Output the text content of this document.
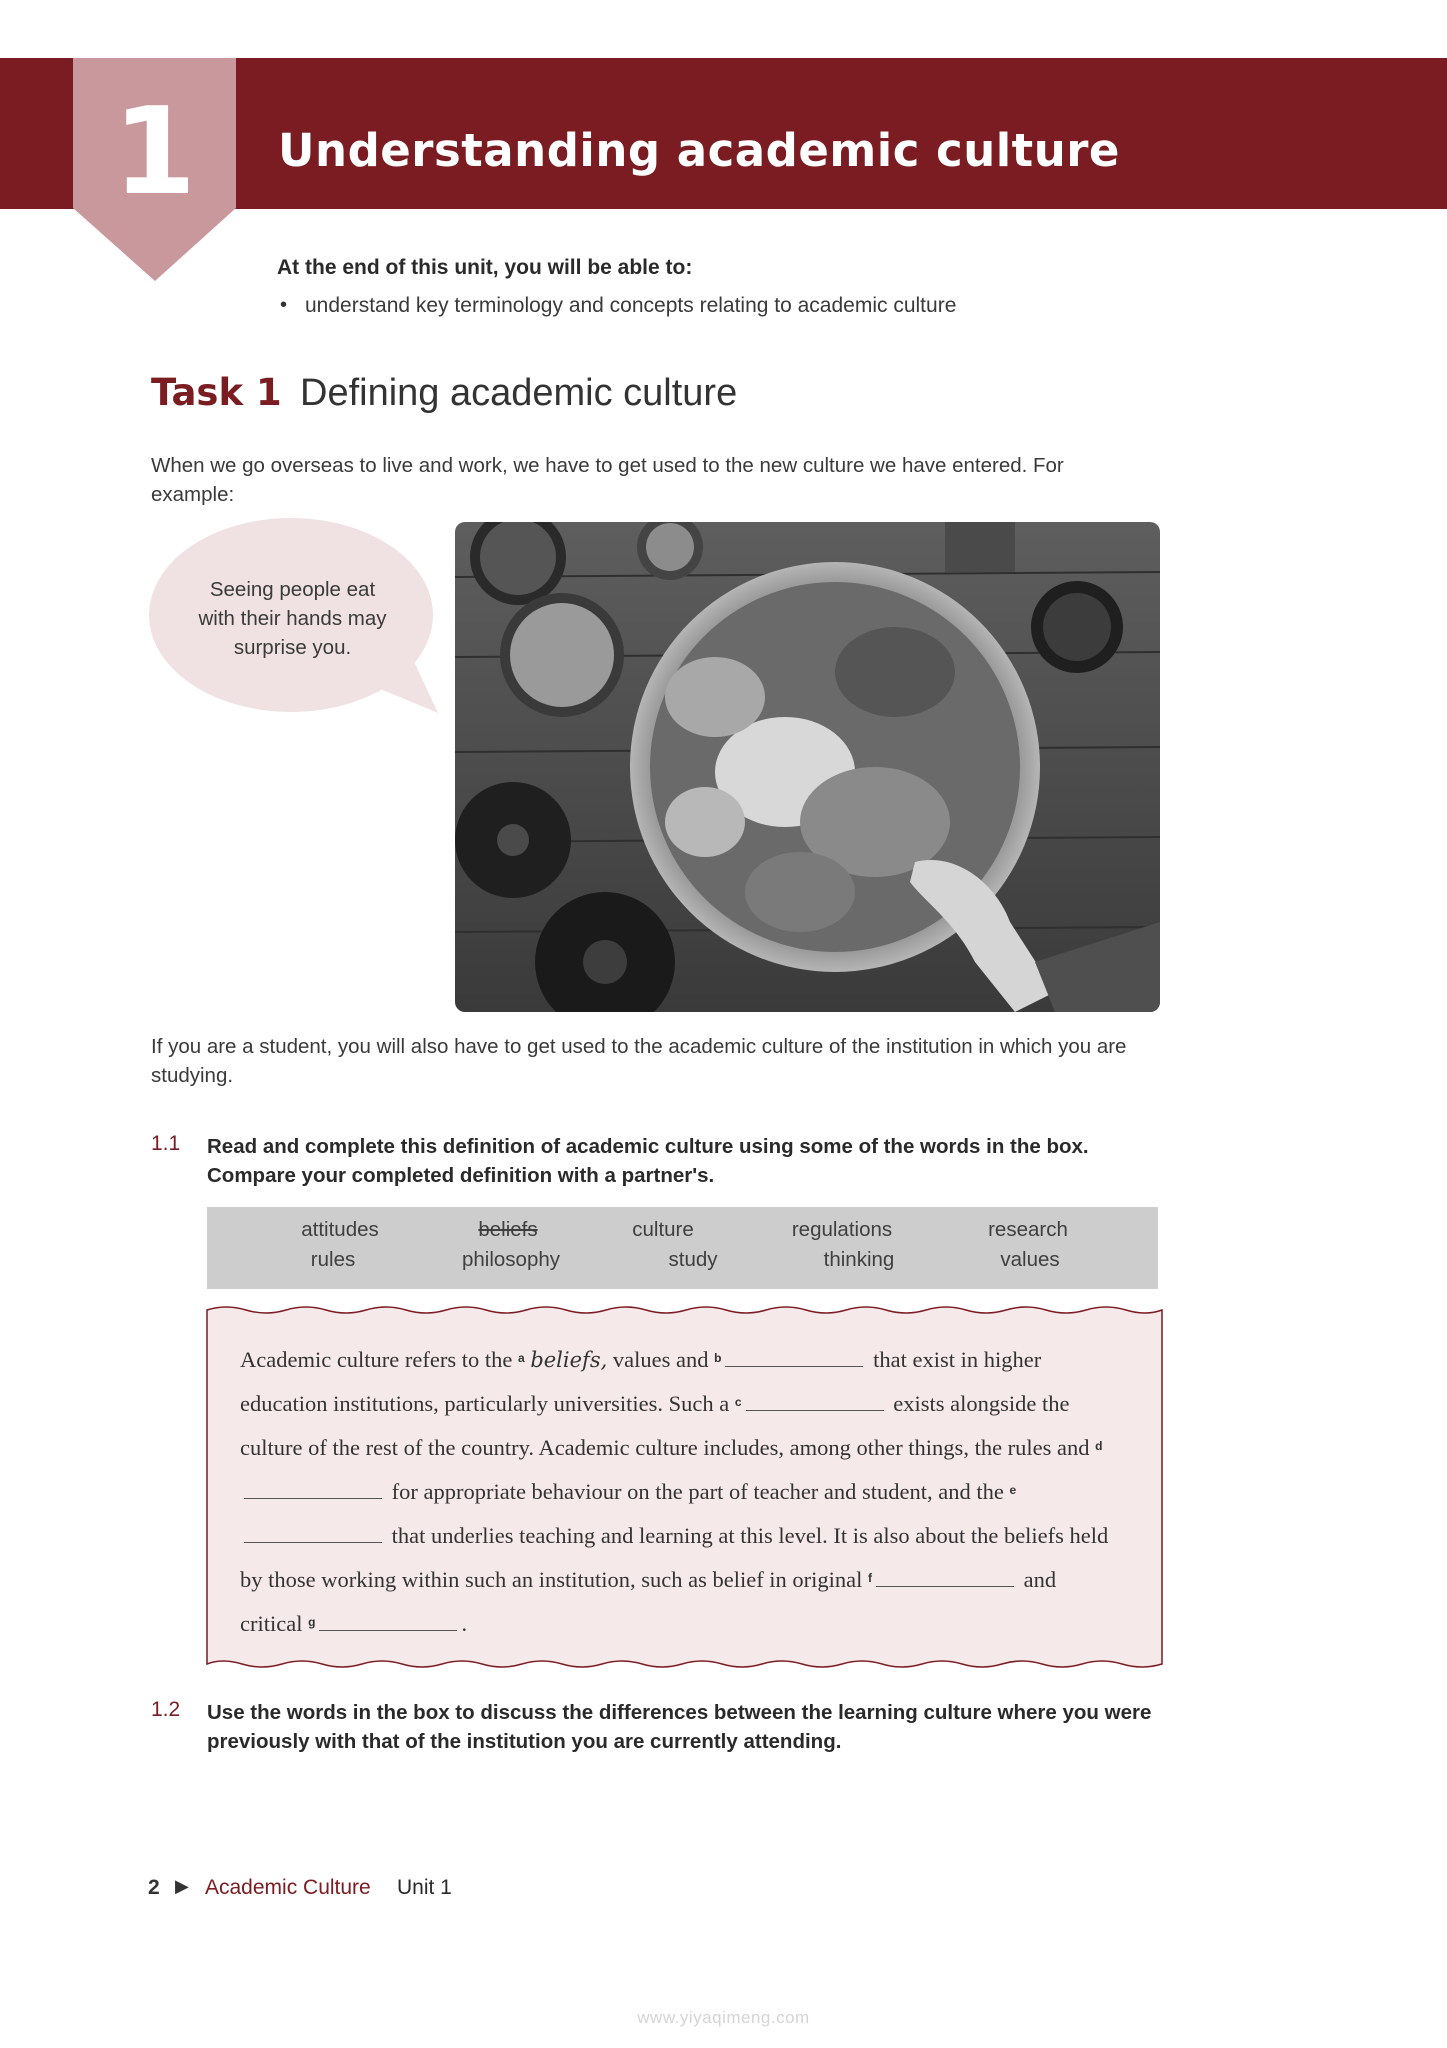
1	Understanding academic culture
At the end of this unit, you will be able to:
• understand key terminology and concepts relating to academic culture
Task 1 Defining academic culture
When we go overseas to live and work, we have to get used to the new culture we have entered. For example:
Seeing people eat with their hands may surprise you.
If you are a student, you will also have to get used to the academic culture of the institution in which you are studying.
1.1 Read and complete this definition of academic culture using some of the words in the box. Compare your completed definition with a partner's.
attitudes	beliefs	culture	regulations	research
rules	philosophy	study	thinking	values
Academic culture refers to the $^a$ beliefs, values and $^b$	that exist in higher education institutions, particularly universities. Such a $^c$	exists alongside the culture of the rest of the country. Academic culture includes, among other things, the rules and $^d$ for appropriate behaviour on the part of teacher and student, and the $^e$ that underlies teaching and learning at this level. It is also about the beliefs held by those working within such an institution, such as belief in original $^f$	and critical $^g$	.
1.2 Use the words in the box to discuss the differences between the learning culture where you were previously with that of the institution you are currently attending.
2 ▶ Academic Culture Unit 1
www.yiyaqimeng.com
